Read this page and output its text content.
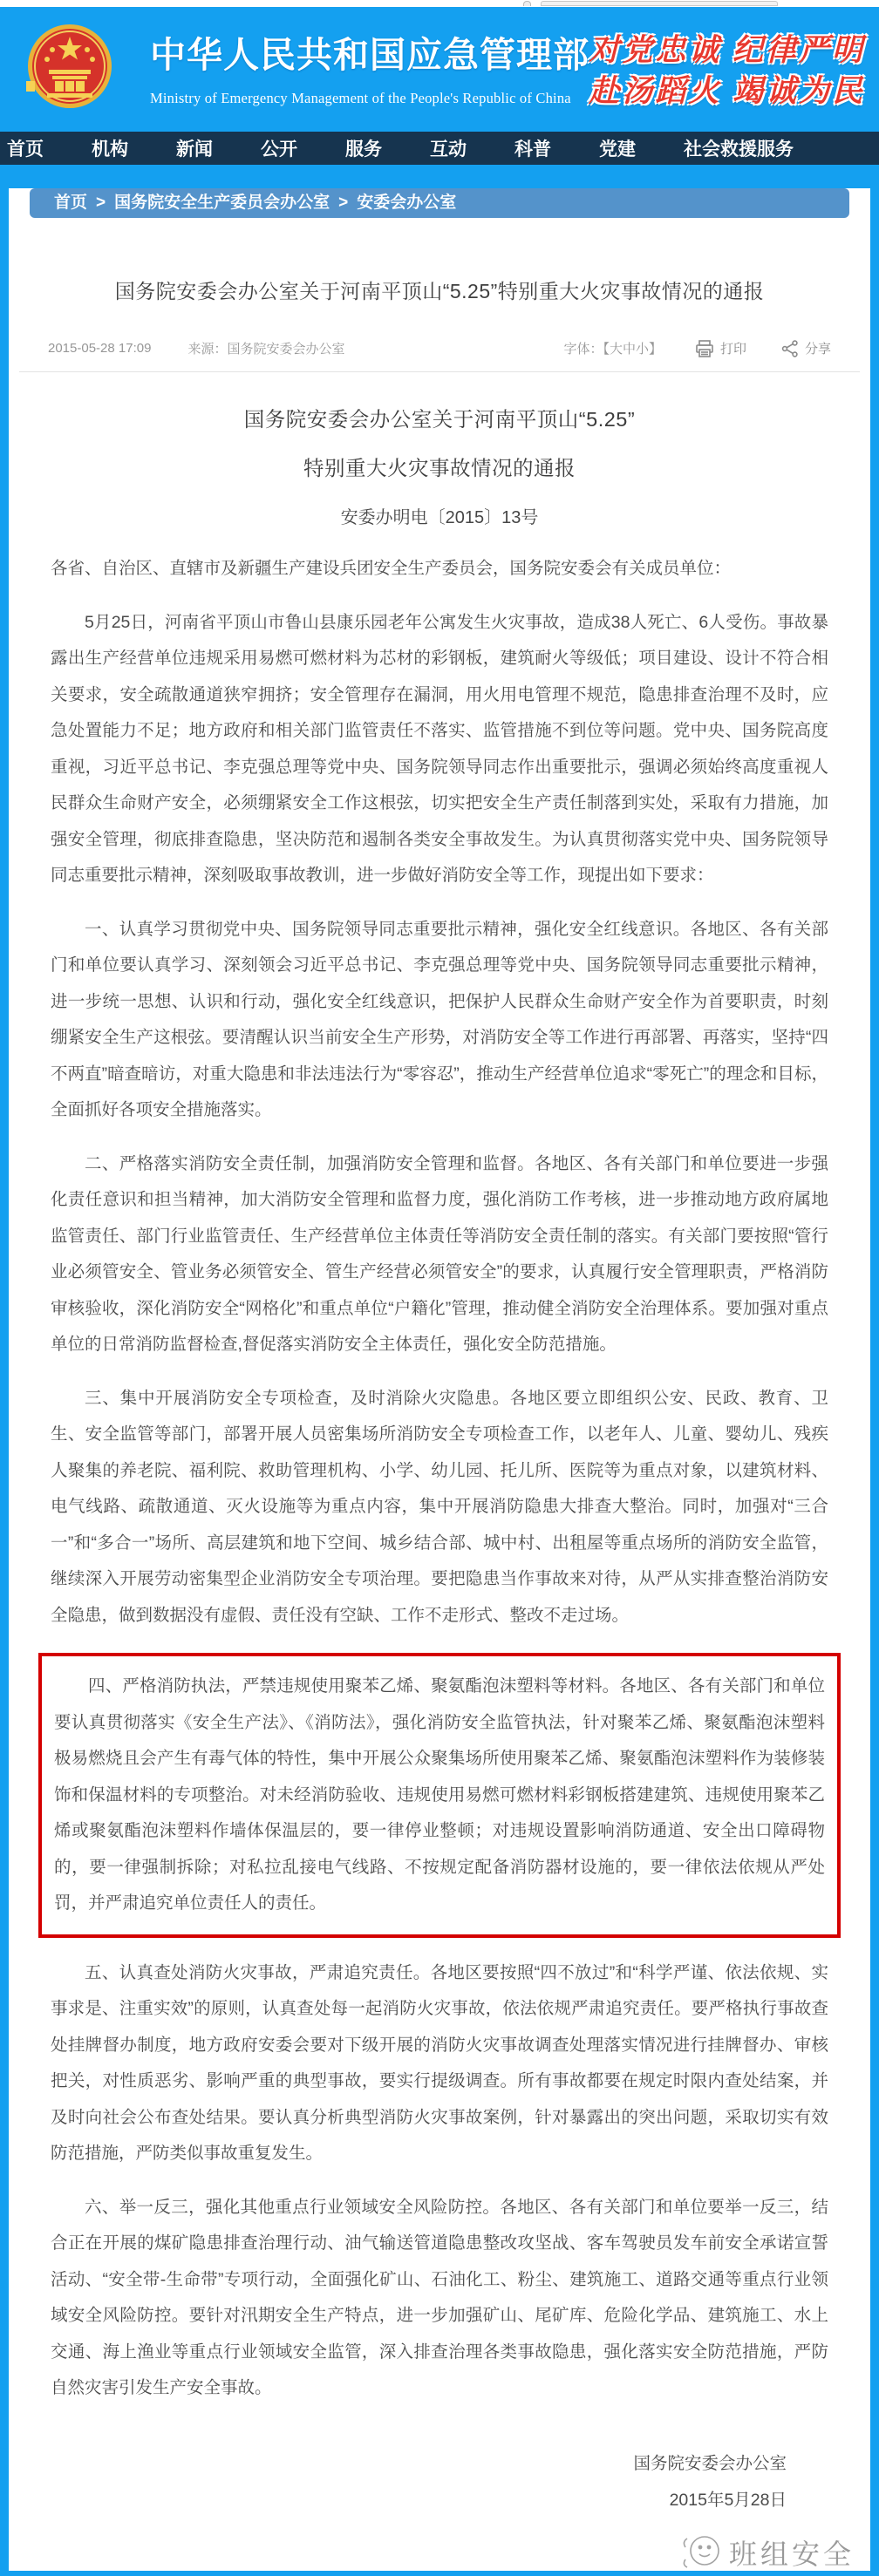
中华人民共和国应急管理部
Ministry of Emergency Management of the People's Republic of China
对党忠诚 纪律严明
赴汤蹈火 竭诚为民
首页	机构	新闻	公开	服务	互动	科普	党建	社会救援服务
首页 > 国务院安全生产委员会办公室 > 安委会办公室
国务院安委会办公室关于河南平顶山“5.25”特别重大火灾事故情况的通报
2015-05-28 17:09	来源：国务院安委会办公室	字体：【大中小】	打印	分享
国务院安委会办公室关于河南平顶山“5.25”
特别重大火灾事故情况的通报
安委办明电〔2015〕13号

各省、自治区、直辖市及新疆生产建设兵团安全生产委员会，国务院安委会有关成员单位：

5月25日，河南省平顶山市鲁山县康乐园老年公寓发生火灾事故，造成38人死亡、6人受伤。事故暴露出生产经营单位违规采用易燃可燃材料为芯材的彩钢板，建筑耐火等级低；项目建设、设计不符合相关要求，安全疏散通道狭窄拥挤；安全管理存在漏洞，用火用电管理不规范，隐患排查治理不及时，应急处置能力不足；地方政府和相关部门监管责任不落实、监管措施不到位等问题。党中央、国务院高度重视，习近平总书记、李克强总理等党中央、国务院领导同志作出重要批示，强调必须始终高度重视人民群众生命财产安全，必须绷紧安全工作这根弦，切实把安全生产责任制落到实处，采取有力措施，加强安全管理，彻底排查隐患，坚决防范和遏制各类安全事故发生。为认真贯彻落实党中央、国务院领导同志重要批示精神，深刻吸取事故教训，进一步做好消防安全等工作，现提出如下要求：

一、认真学习贯彻党中央、国务院领导同志重要批示精神，强化安全红线意识。各地区、各有关部门和单位要认真学习、深刻领会习近平总书记、李克强总理等党中央、国务院领导同志重要批示精神，进一步统一思想、认识和行动，强化安全红线意识，把保护人民群众生命财产安全作为首要职责，时刻绷紧安全生产这根弦。要清醒认识当前安全生产形势，对消防安全等工作进行再部署、再落实，坚持“四不两直”暗查暗访，对重大隐患和非法违法行为“零容忍”，推动生产经营单位追求“零死亡”的理念和目标，全面抓好各项安全措施落实。

二、严格落实消防安全责任制，加强消防安全管理和监督。各地区、各有关部门和单位要进一步强化责任意识和担当精神，加大消防安全管理和监督力度，强化消防工作考核，进一步推动地方政府属地监管责任、部门行业监管责任、生产经营单位主体责任等消防安全责任制的落实。有关部门要按照“管行业必须管安全、管业务必须管安全、管生产经营必须管安全”的要求，认真履行安全管理职责，严格消防审核验收，深化消防安全“网格化”和重点单位“户籍化”管理，推动健全消防安全治理体系。要加强对重点单位的日常消防监督检查,督促落实消防安全主体责任，强化安全防范措施。

三、集中开展消防安全专项检查，及时消除火灾隐患。各地区要立即组织公安、民政、教育、卫生、安全监管等部门，部署开展人员密集场所消防安全专项检查工作，以老年人、儿童、婴幼儿、残疾人聚集的养老院、福利院、救助管理机构、小学、幼儿园、托儿所、医院等为重点对象，以建筑材料、电气线路、疏散通道、灭火设施等为重点内容，集中开展消防隐患大排查大整治。同时，加强对“三合一”和“多合一”场所、高层建筑和地下空间、城乡结合部、城中村、出租屋等重点场所的消防安全监管，继续深入开展劳动密集型企业消防安全专项治理。要把隐患当作事故来对待，从严从实排查整治消防安全隐患，做到数据没有虚假、责任没有空缺、工作不走形式、整改不走过场。

四、严格消防执法，严禁违规使用聚苯乙烯、聚氨酯泡沫塑料等材料。各地区、各有关部门和单位要认真贯彻落实《安全生产法》、《消防法》，强化消防安全监管执法，针对聚苯乙烯、聚氨酯泡沫塑料极易燃烧且会产生有毒气体的特性，集中开展公众聚集场所使用聚苯乙烯、聚氨酯泡沫塑料作为装修装饰和保温材料的专项整治。对未经消防验收、违规使用易燃可燃材料彩钢板搭建建筑、违规使用聚苯乙烯或聚氨酯泡沫塑料作墙体保温层的，要一律停业整顿；对违规设置影响消防通道、安全出口障碍物的，要一律强制拆除；对私拉乱接电气线路、不按规定配备消防器材设施的，要一律依法依规从严处罚，并严肃追究单位责任人的责任。

五、认真查处消防火灾事故，严肃追究责任。各地区要按照“四不放过”和“科学严谨、依法依规、实事求是、注重实效”的原则，认真查处每一起消防火灾事故，依法依规严肃追究责任。要严格执行事故查处挂牌督办制度，地方政府安委会要对下级开展的消防火灾事故调查处理落实情况进行挂牌督办、审核把关，对性质恶劣、影响严重的典型事故，要实行提级调查。所有事故都要在规定时限内查处结案，并及时向社会公布查处结果。要认真分析典型消防火灾事故案例，针对暴露出的突出问题，采取切实有效防范措施，严防类似事故重复发生。

六、举一反三，强化其他重点行业领域安全风险防控。各地区、各有关部门和单位要举一反三，结合正在开展的煤矿隐患排查治理行动、油气输送管道隐患整改攻坚战、客车驾驶员发车前安全承诺宣誓活动、“安全带-生命带”专项行动，全面强化矿山、石油化工、粉尘、建筑施工、道路交通等重点行业领域安全风险防控。要针对汛期安全生产特点，进一步加强矿山、尾矿库、危险化学品、建筑施工、水上交通、海上渔业等重点行业领域安全监管，深入排查治理各类事故隐患，强化落实安全防范措施，严防自然灾害引发生产安全事故。

国务院安委会办公室
2015年5月28日
班组安全
